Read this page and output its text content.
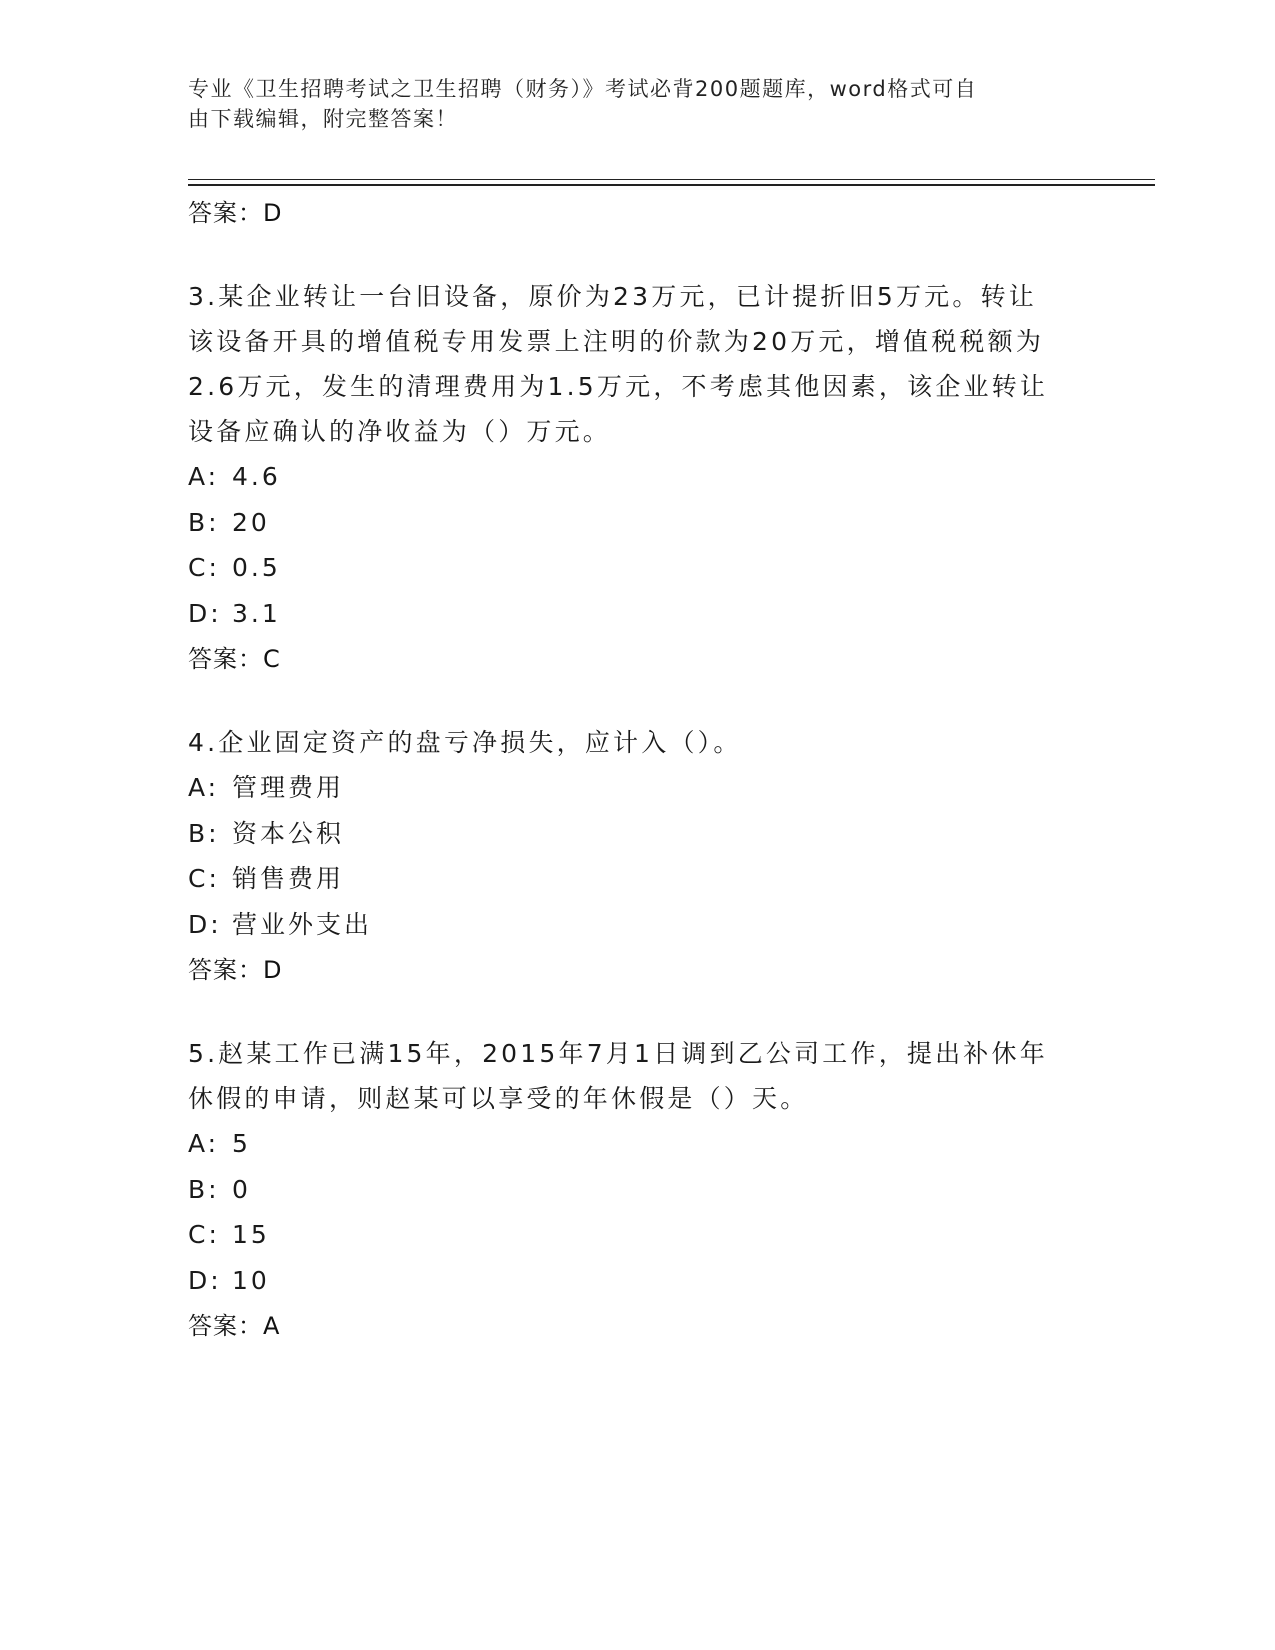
专业《卫生招聘考试之卫生招聘（财务）》考试必背200题题库，word格式可自
由下载编辑，附完整答案！
答案：D

3.某企业转让一台旧设备，原价为23万元，已计提折旧5万元。转让

该设备开具的增值税专用发票上注明的价款为20万元，增值税税额为

2.6万元，发生的清理费用为1.5万元，不考虑其他因素，该企业转让

设备应确认的净收益为（）万元。

A: 4.6
B: 20
C: 0.5
D: 3.1
答案：C

4.企业固定资产的盘亏净损失，应计入（）。

A: 管理费用
B: 资本公积
C: 销售费用
D: 营业外支出
答案：D

5.赵某工作已满15年，2015年7月1日调到乙公司工作，提出补休年

休假的申请，则赵某可以享受的年休假是（）天。

A: 5
B: 0
C: 15
D: 10
答案：A
